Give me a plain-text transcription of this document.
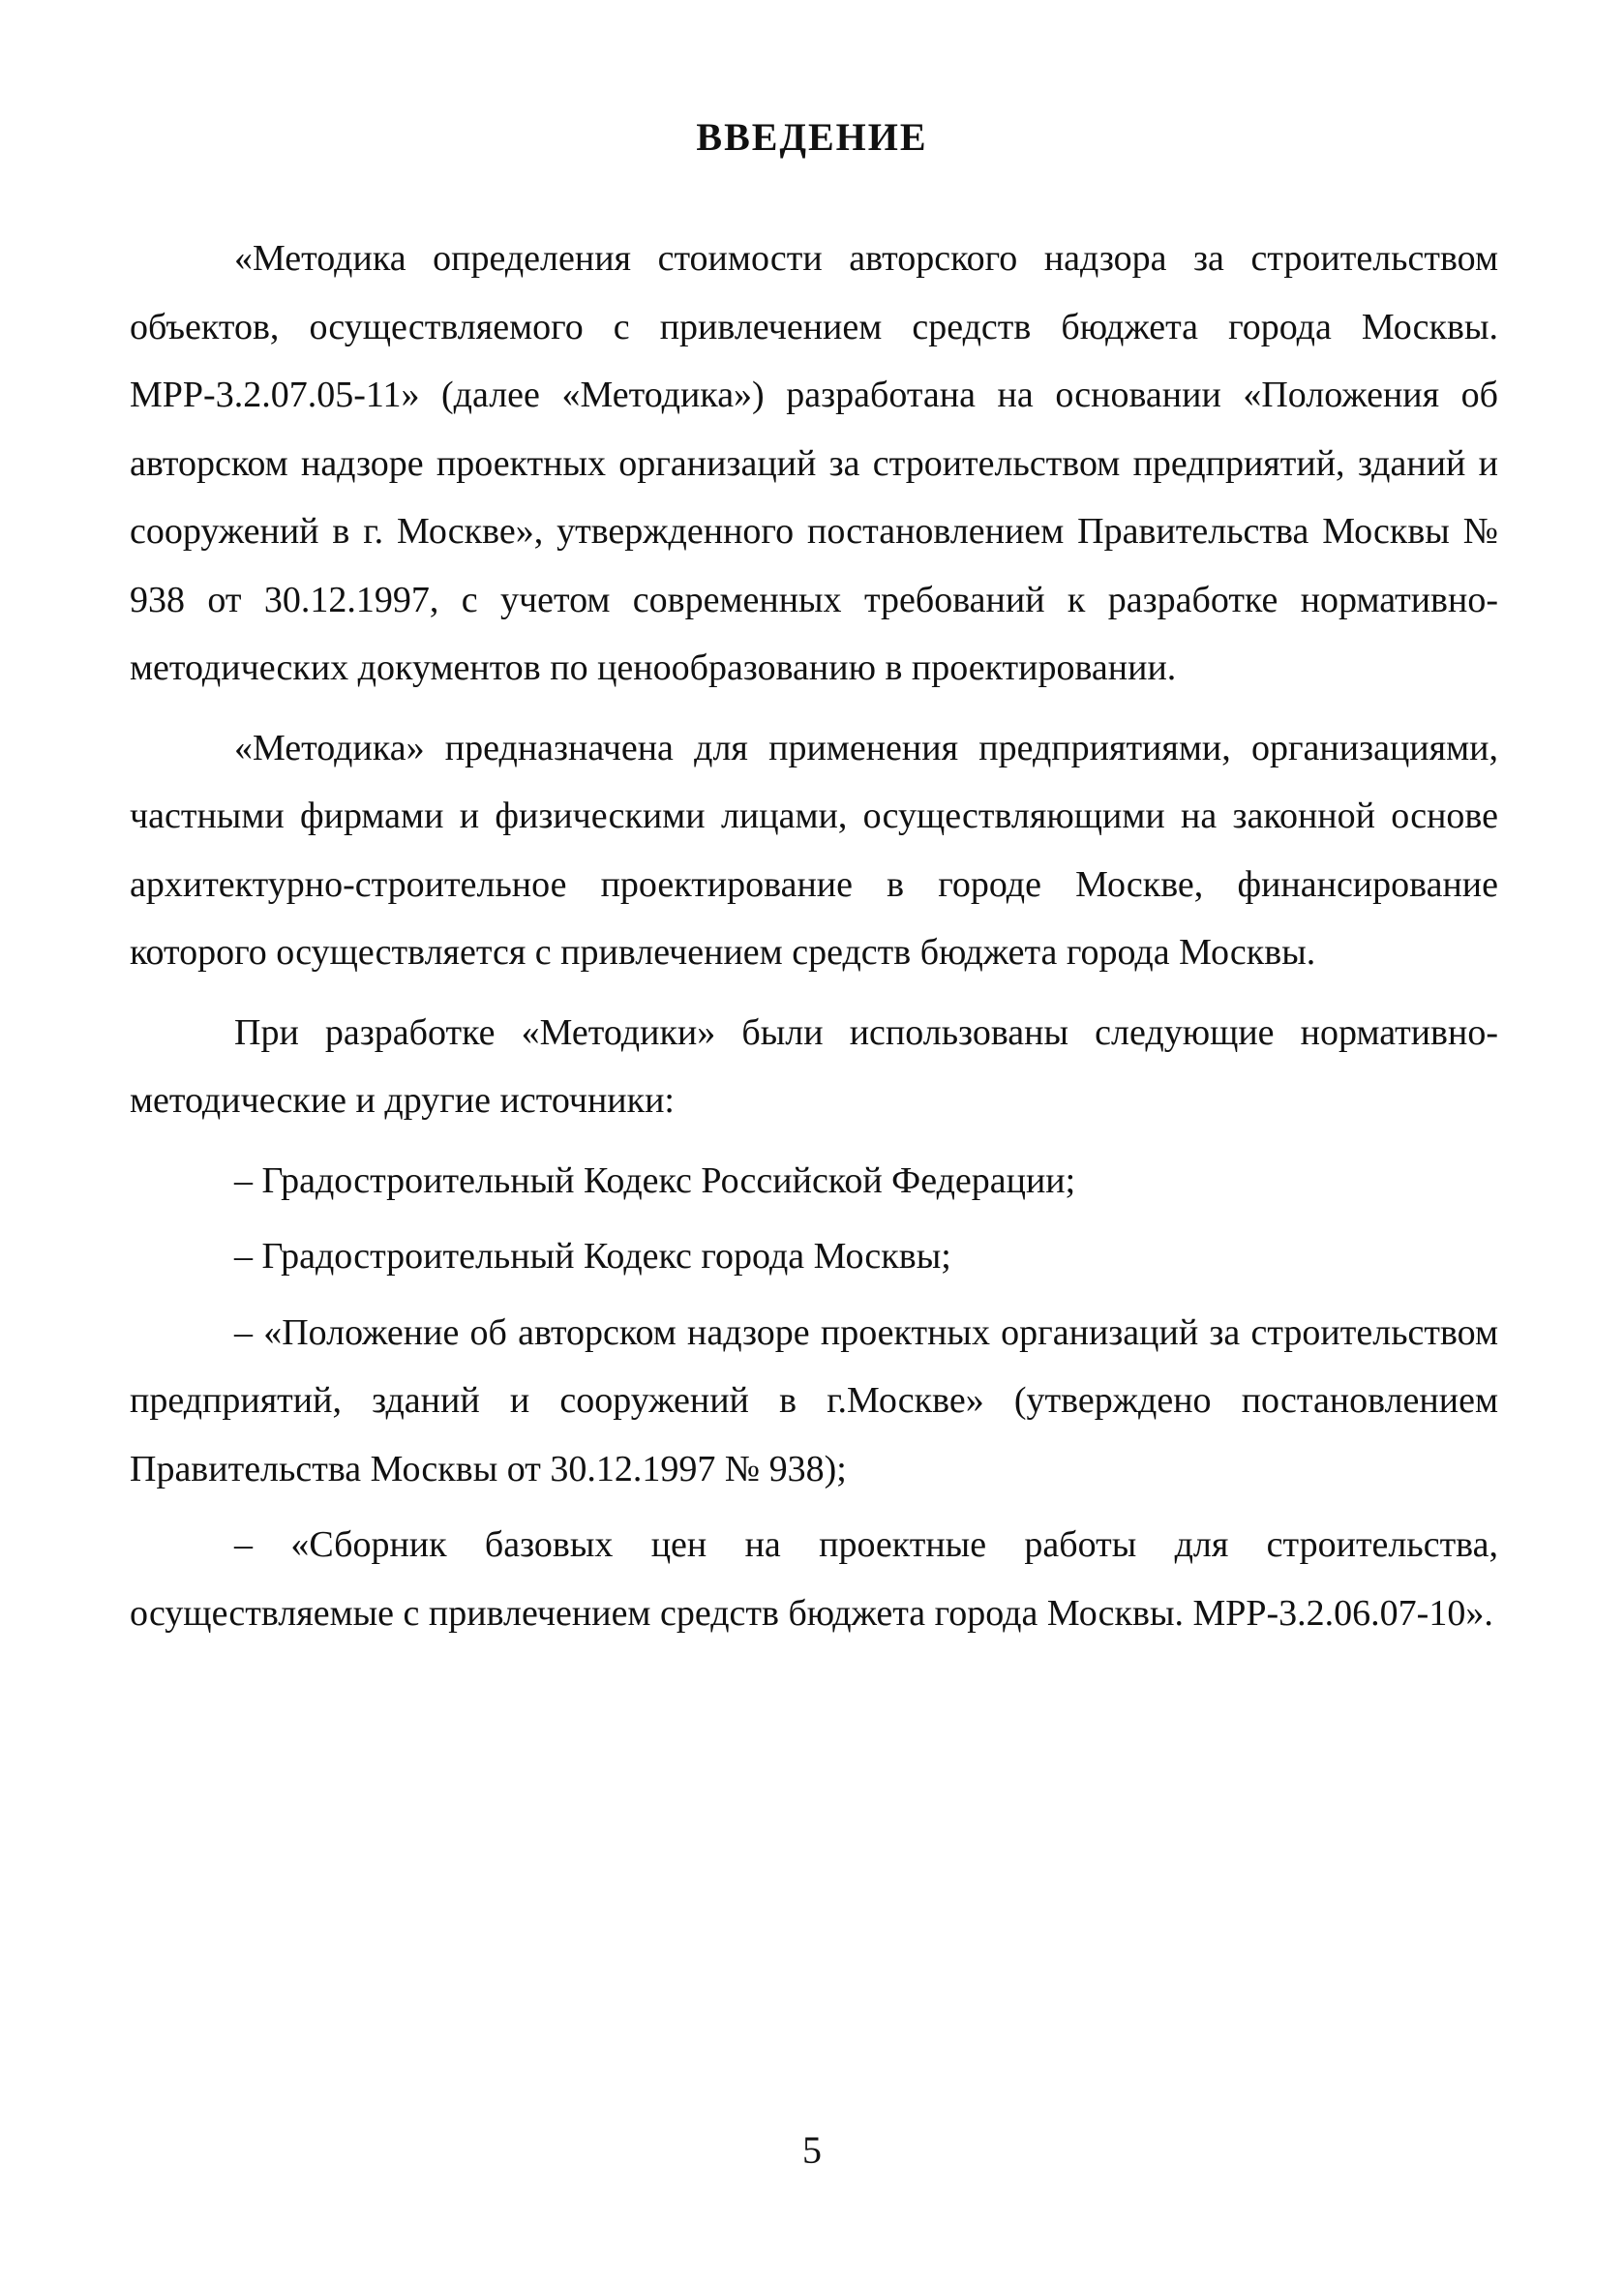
ВВЕДЕНИЕ

«Методика определения стоимости авторского надзора за строительством объектов, осуществляемого с привлечением средств бюджета города Москвы. МРР-3.2.07.05-11» (далее «Методика») разработана на основании «Положения об авторском надзоре проектных организаций за строительством предприятий, зданий и сооружений в г. Москве», утвержденного постановлением Правительства Москвы № 938 от 30.12.1997, с учетом современных требований к разработке нормативно-методических документов по ценообразованию в проектировании.

«Методика» предназначена для применения предприятиями, организациями, частными фирмами и физическими лицами, осуществляющими на законной основе архитектурно-строительное проектирование в городе Москве, финансирование которого осуществляется с привлечением средств бюджета города Москвы.

При разработке «Методики» были использованы следующие нормативно-методические и другие источники:

– Градостроительный Кодекс Российской Федерации;

– Градостроительный Кодекс города Москвы;

– «Положение об авторском надзоре проектных организаций за строительством предприятий, зданий и сооружений в г.Москве» (утверждено постановлением Правительства Москвы от 30.12.1997 № 938);

– «Сборник базовых цен на проектные работы для строительства, осуществляемые с привлечением средств бюджета города Москвы. МРР-3.2.06.07-10».

5
